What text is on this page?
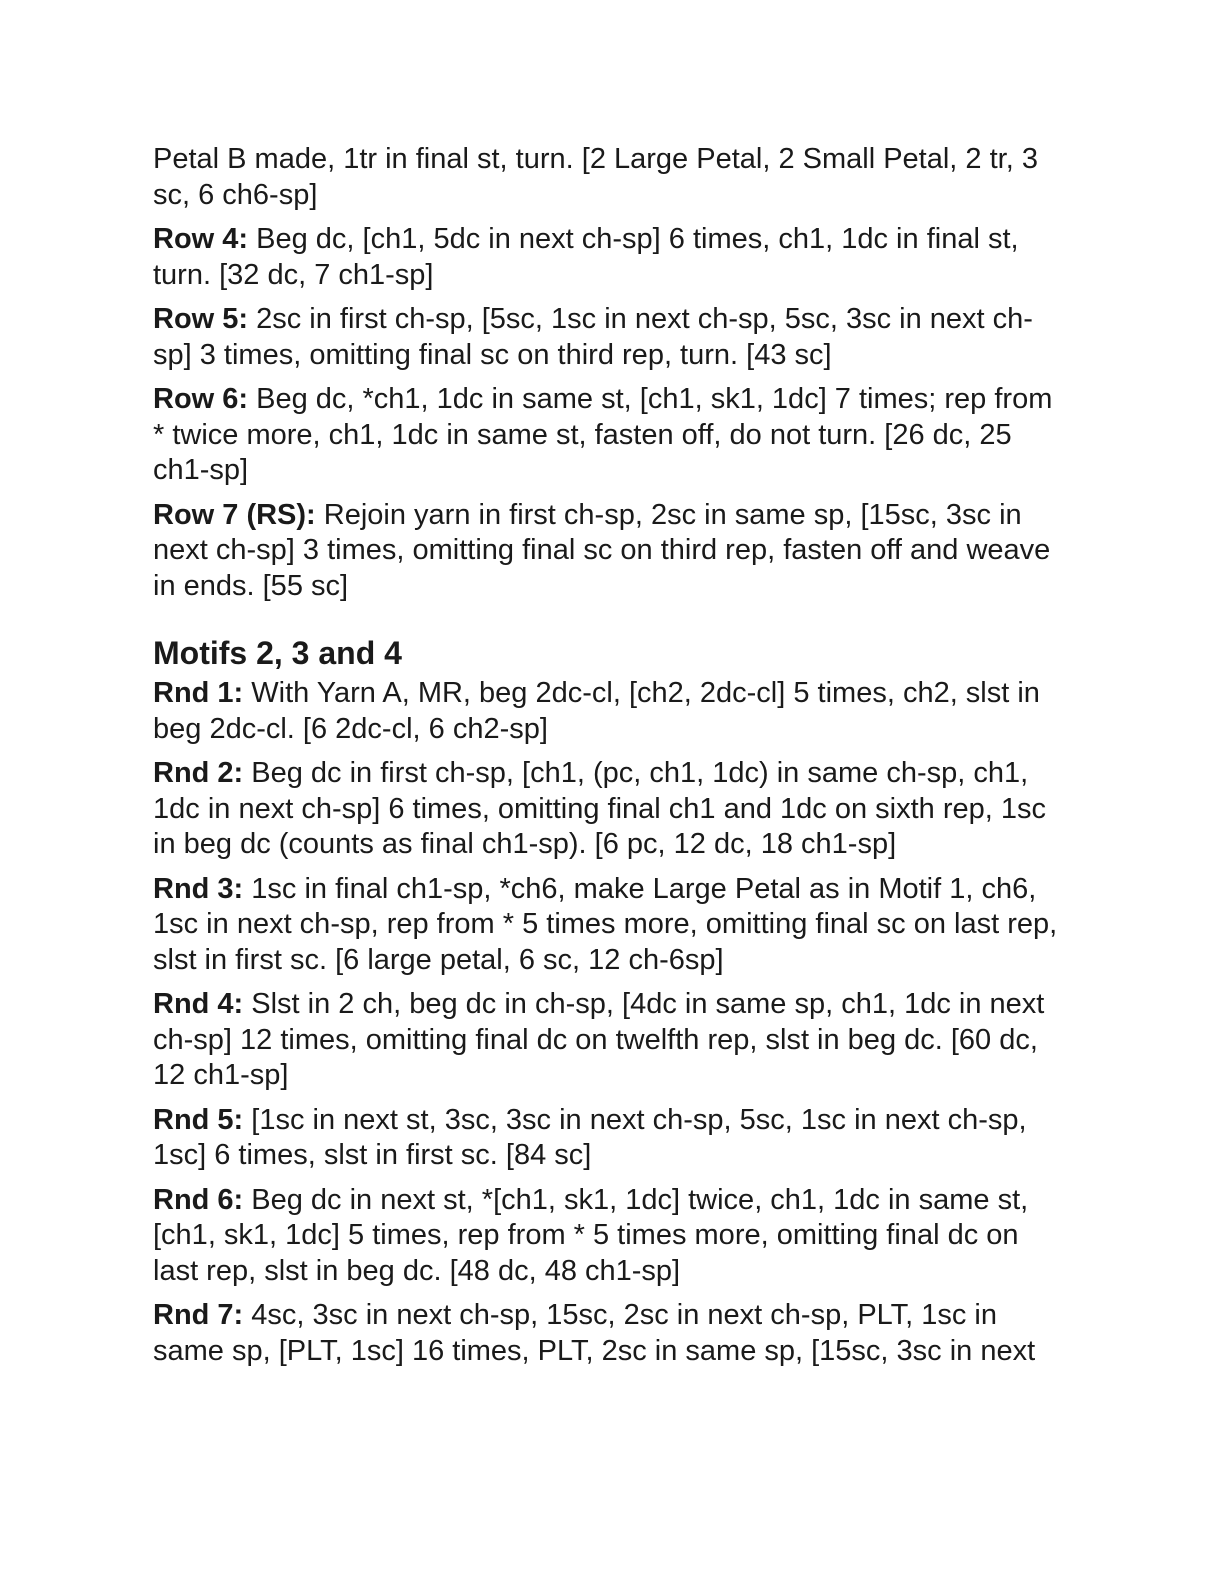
Petal B made, 1tr in final st, turn. [2 Large Petal, 2 Small Petal, 2 tr, 3 sc, 6 ch6-sp]

Row 4: Beg dc, [ch1, 5dc in next ch-sp] 6 times, ch1, 1dc in final st, turn. [32 dc, 7 ch1-sp]

Row 5: 2sc in first ch-sp, [5sc, 1sc in next ch-sp, 5sc, 3sc in next ch-sp] 3 times, omitting final sc on third rep, turn. [43 sc]

Row 6: Beg dc, *ch1, 1dc in same st, [ch1, sk1, 1dc] 7 times; rep from * twice more, ch1, 1dc in same st, fasten off, do not turn. [26 dc, 25 ch1-sp]

Row 7 (RS): Rejoin yarn in first ch-sp, 2sc in same sp, [15sc, 3sc in next ch-sp] 3 times, omitting final sc on third rep, fasten off and weave in ends. [55 sc]

Motifs 2, 3 and 4

Rnd 1: With Yarn A, MR, beg 2dc-cl, [ch2, 2dc-cl] 5 times, ch2, slst in beg 2dc-cl. [6 2dc-cl, 6 ch2-sp]

Rnd 2: Beg dc in first ch-sp, [ch1, (pc, ch1, 1dc) in same ch-sp, ch1, 1dc in next ch-sp] 6 times, omitting final ch1 and 1dc on sixth rep, 1sc in beg dc (counts as final ch1-sp). [6 pc, 12 dc, 18 ch1-sp]

Rnd 3: 1sc in final ch1-sp, *ch6, make Large Petal as in Motif 1, ch6, 1sc in next ch-sp, rep from * 5 times more, omitting final sc on last rep, slst in first sc. [6 large petal, 6 sc, 12 ch-6sp]

Rnd 4: Slst in 2 ch, beg dc in ch-sp, [4dc in same sp, ch1, 1dc in next ch-sp] 12 times, omitting final dc on twelfth rep, slst in beg dc. [60 dc, 12 ch1-sp]

Rnd 5: [1sc in next st, 3sc, 3sc in next ch-sp, 5sc, 1sc in next ch-sp, 1sc] 6 times, slst in first sc. [84 sc]

Rnd 6: Beg dc in next st, *[ch1, sk1, 1dc] twice, ch1, 1dc in same st, [ch1, sk1, 1dc] 5 times, rep from * 5 times more, omitting final dc on last rep, slst in beg dc. [48 dc, 48 ch1-sp]

Rnd 7: 4sc, 3sc in next ch-sp, 15sc, 2sc in next ch-sp, PLT, 1sc in same sp, [PLT, 1sc] 16 times, PLT, 2sc in same sp, [15sc, 3sc in next
